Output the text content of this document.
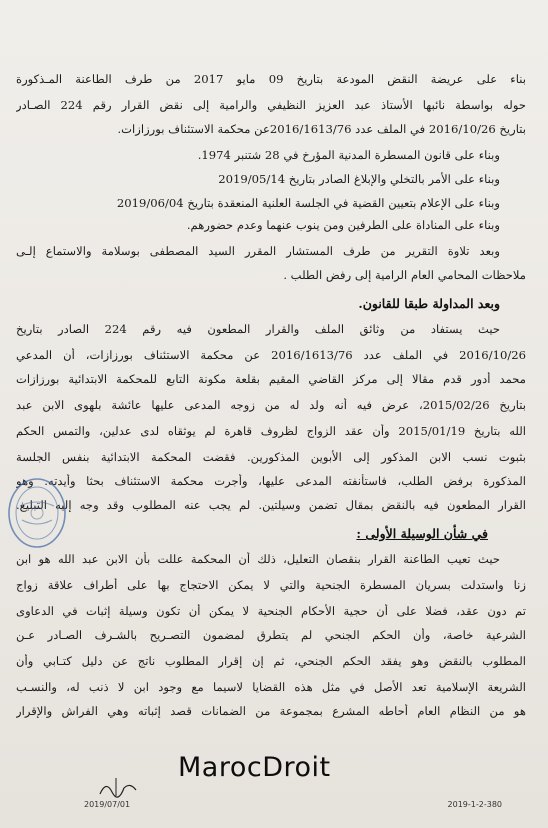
بناء على عريضة النقض المودعة بتاريخ 09 مايو 2017 من طرف الطاعنة المـذكورة
حوله بواسطة نائبها الأستاذ عبد العزيز النظيفي والرامية إلى نقض القرار رقم 224 الصـادر
بتاريخ 2016/10/26 في الملف عدد 2016/1613/76عن محكمة الاستئناف بورزازات.
وبناء على قانون المسطرة المدنية المؤرخ في 28 شتنبر 1974.
وبناء على الأمر بالتخلي والإبلاغ الصادر بتاريخ 2019/05/14
وبناء على الإعلام بتعيين القضية في الجلسة العلنية المنعقدة بتاريخ 2019/06/04
وبناء على المناداة على الطرفين ومن ينوب عنهما وعدم حضورهم.
وبعد تلاوة التقرير من طرف المستشار المقرر السيد المصطفى بوسلامة والاستماع إلـى
ملاحظات المحامي العام الرامية إلى رفض الطلب .
وبعد المداولة طبقا للقانون.
حيث يستفاد من وثائق الملف والقرار المطعون فيه رقم 224 الصادر بتاريخ
2016/10/26 في الملف عدد 2016/1613/76 عن محكمة الاستئناف بورزازات، أن المدعي
محمد أدور قدم مقالا إلى مركز القاضي المقيم بقلعة مكونة التابع للمحكمة الابتدائية بورزازات
بتاريخ 2015/02/26، عرض فيه أنه ولد له من زوجه المدعى عليها عائشة بلهوى الابن عبد
الله بتاريخ 2015/01/19 وأن عقد الزواج لظروف قاهرة لم يوثقاه لدى عدلين، والتمس الحكم
بثبوت نسب الابن المذكور إلى الأبوين المذكورين. فقضت المحكمة الابتدائية بنفس الجلسة
المذكورة برفض الطلب، فاستأنفته المدعى عليها، وأجرت محكمة الاستئناف بحثا وأيدته. وهو
القرار المطعون فيه بالنقض بمقال تضمن وسيلتين. لم يجب عنه المطلوب وقد وجه إليه التبليغ.
في شأن الوسيلة الأولى :
حيث تعيب الطاعنة القرار بنقصان التعليل، ذلك أن المحكمة عللت بأن الابن عبد الله هو ابن
زنا واستدلت بسريان المسطرة الجنحية والتي لا يمكن الاحتجاج بها على أطراف علاقة زواج
تم دون عقد، فضلا على أن حجية الأحكام الجنحية لا يمكن أن تكون وسيلة إثبات في الدعاوى
الشرعية خاصة، وأن الحكم الجنحي لم يتطرق لمضمون التصـريح بالشـرف الصـادر عـن
المطلوب بالنقض وهو يفقد الحكم الجنحي، ثم إن إقرار المطلوب ناتج عن دليل كتـابي وأن
الشريعة الإسلامية تعد الأصل في مثل هذه القضايا لاسيما مع وجود ابن لا ذنب له، والنسـب
هو من النظام العام أحاطه المشرع بمجموعة من الضمانات قصد إثباته وهي الفراش والإقرار
MarocDroit
2019/07/01	2019-1-2-380
